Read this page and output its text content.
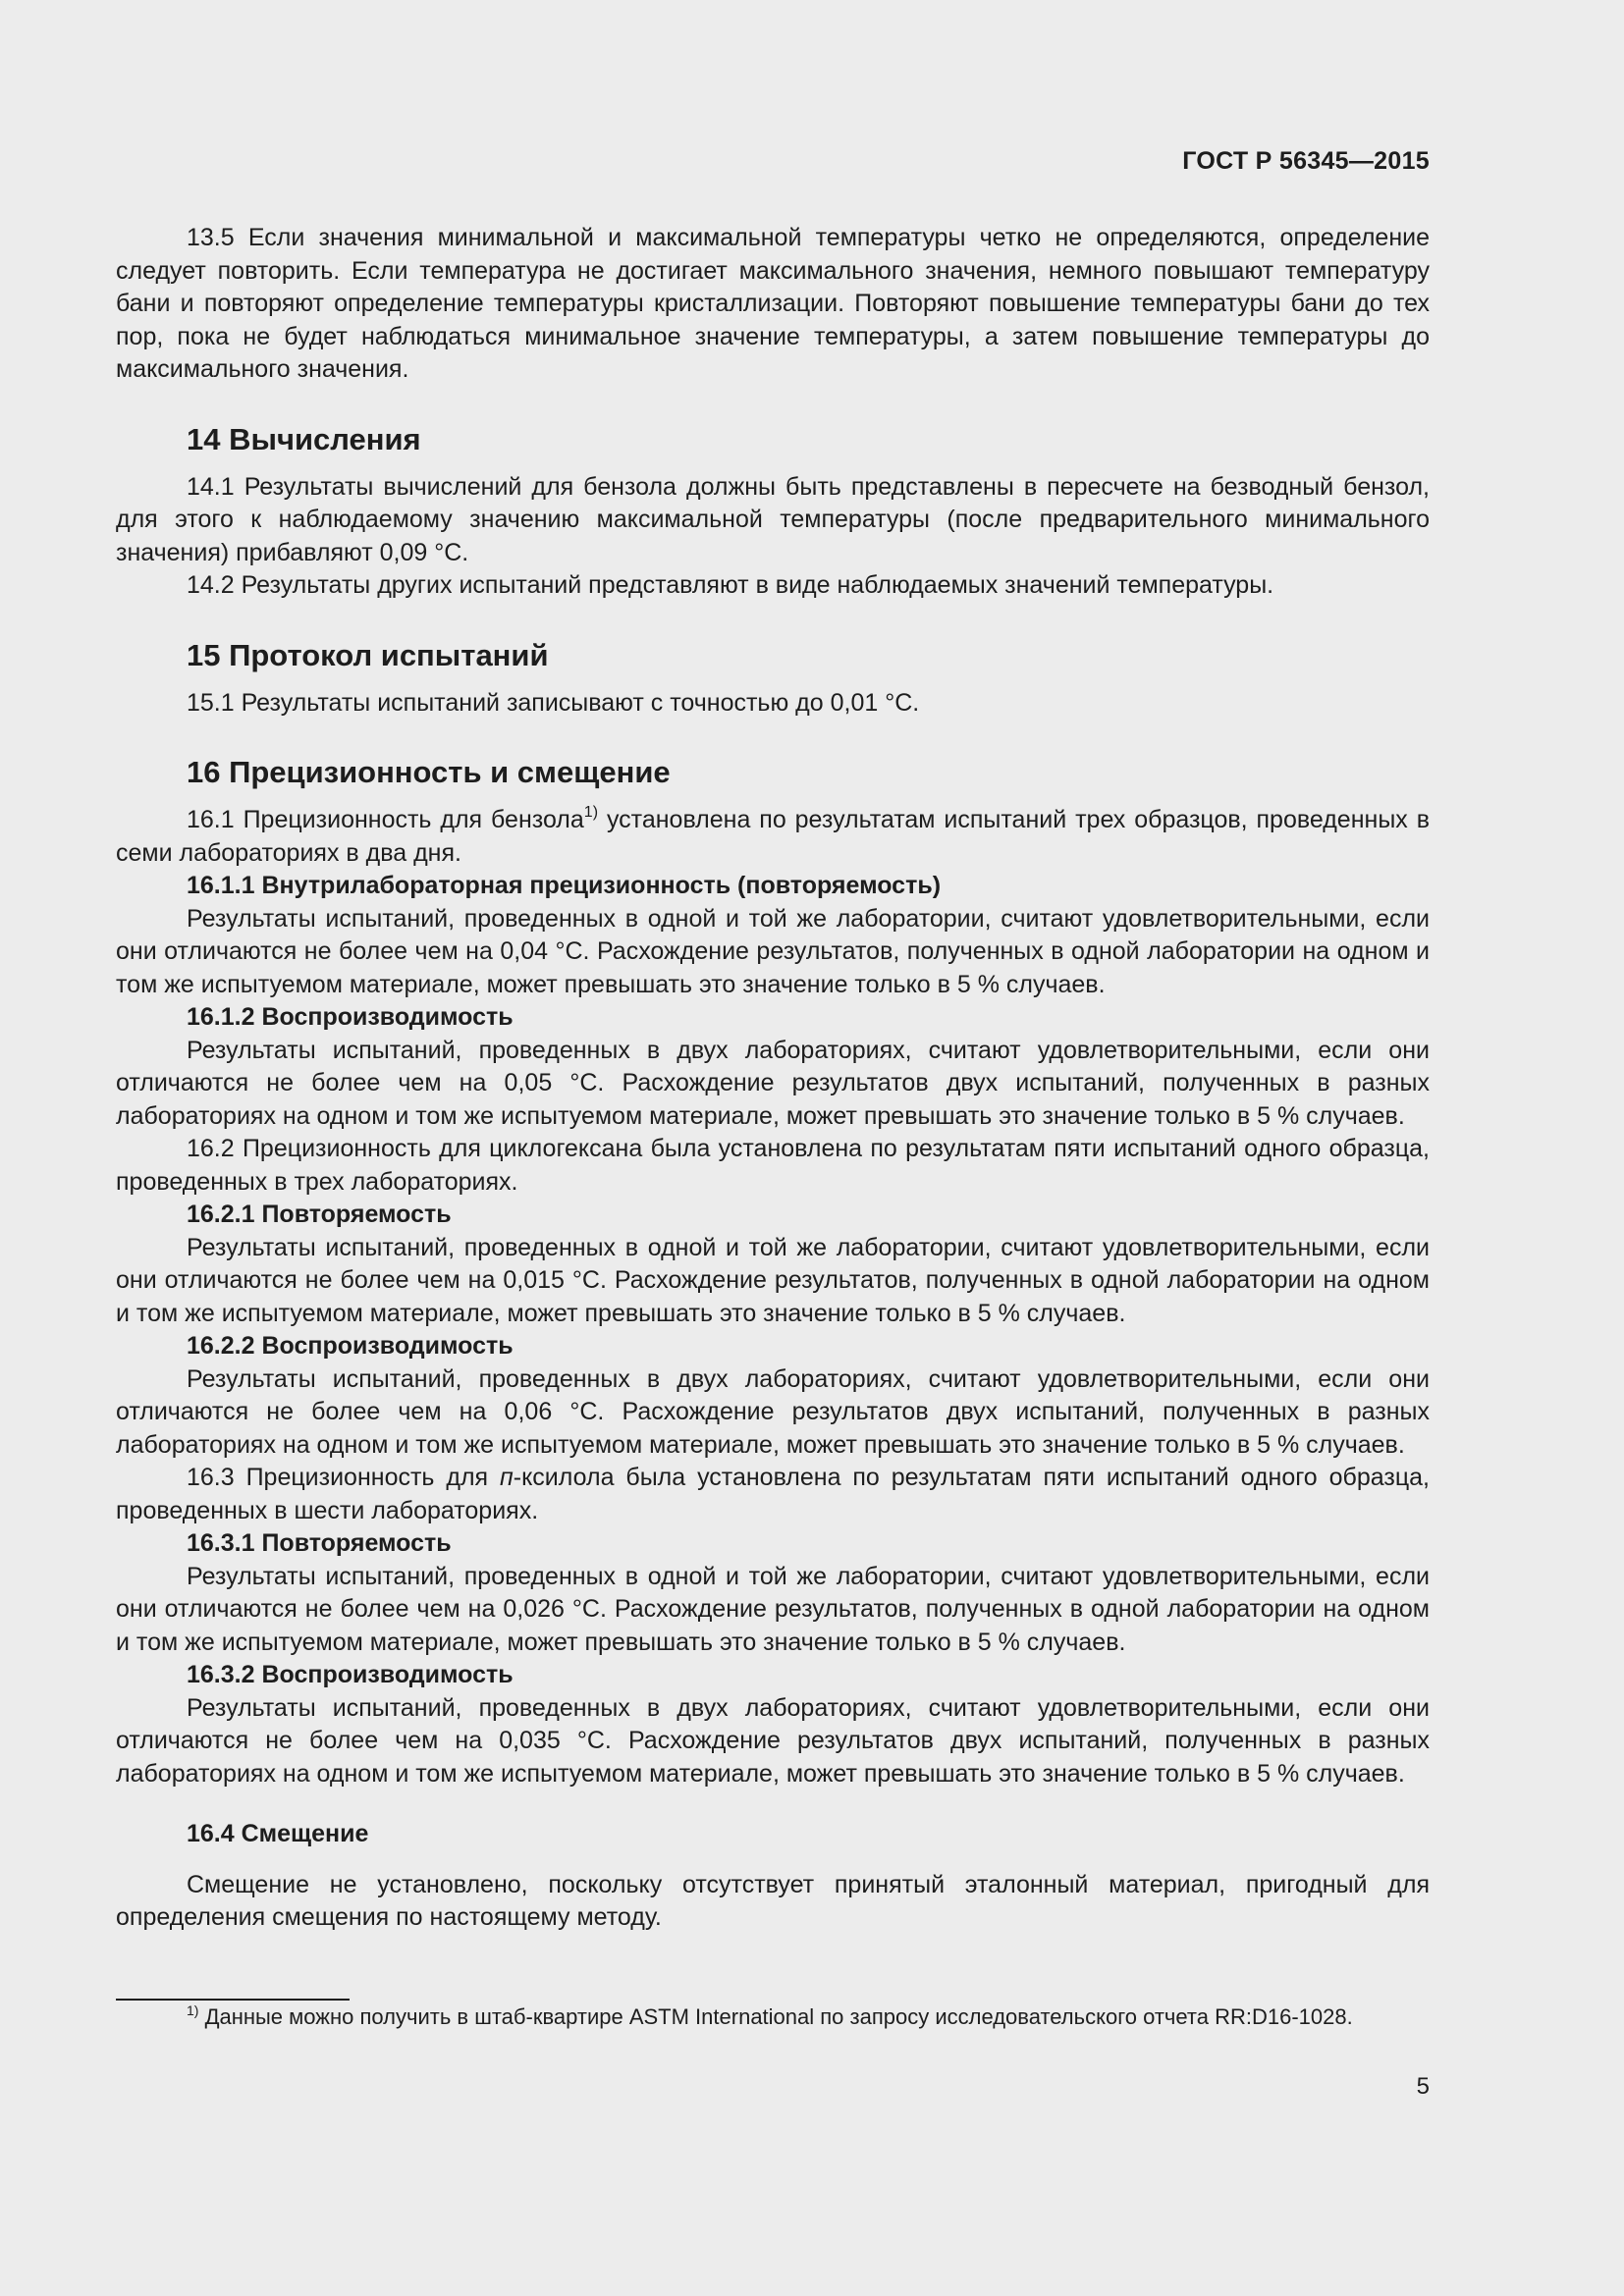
ГОСТ Р 56345—2015

13.5 Если значения минимальной и максимальной температуры четко не определяются, определение следует повторить. Если температура не достигает максимального значения, немного повышают температуру бани и повторяют определение температуры кристаллизации. Повторяют повышение температуры бани до тех пор, пока не будет наблюдаться минимальное значение температуры, а затем повышение температуры до максимального значения.

14 Вычисления

14.1 Результаты вычислений для бензола должны быть представлены в пересчете на безводный бензол, для этого к наблюдаемому значению максимальной температуры (после предварительного минимального значения) прибавляют 0,09 °С.

14.2 Результаты других испытаний представляют в виде наблюдаемых значений температуры.

15 Протокол испытаний

15.1 Результаты испытаний записывают с точностью до 0,01 °С.

16 Прецизионность и смещение

16.1 Прецизионность для бензола$^{1)}$ установлена по результатам испытаний трех образцов, проведенных в семи лабораториях в два дня.

16.1.1 Внутрилабораторная прецизионность (повторяемость)

Результаты испытаний, проведенных в одной и той же лаборатории, считают удовлетворительными, если они отличаются не более чем на 0,04 °С. Расхождение результатов, полученных в одной лаборатории на одном и том же испытуемом материале, может превышать это значение только в 5 % случаев.

16.1.2 Воспроизводимость

Результаты испытаний, проведенных в двух лабораториях, считают удовлетворительными, если они отличаются не более чем на 0,05 °С. Расхождение результатов двух испытаний, полученных в разных лабораториях на одном и том же испытуемом материале, может превышать это значение только в 5 % случаев.

16.2 Прецизионность для циклогексана была установлена по результатам пяти испытаний одного образца, проведенных в трех лабораториях.

16.2.1 Повторяемость

Результаты испытаний, проведенных в одной и той же лаборатории, считают удовлетворительными, если они отличаются не более чем на 0,015 °С. Расхождение результатов, полученных в одной лаборатории на одном и том же испытуемом материале, может превышать это значение только в 5 % случаев.

16.2.2 Воспроизводимость

Результаты испытаний, проведенных в двух лабораториях, считают удовлетворительными, если они отличаются не более чем на 0,06 °С. Расхождение результатов двух испытаний, полученных в разных лабораториях на одном и том же испытуемом материале, может превышать это значение только в 5 % случаев.

16.3 Прецизионность для п-ксилола была установлена по результатам пяти испытаний одного образца, проведенных в шести лабораториях.

16.3.1 Повторяемость

Результаты испытаний, проведенных в одной и той же лаборатории, считают удовлетворительными, если они отличаются не более чем на 0,026 °С. Расхождение результатов, полученных в одной лаборатории на одном и том же испытуемом материале, может превышать это значение только в 5 % случаев.

16.3.2 Воспроизводимость

Результаты испытаний, проведенных в двух лабораториях, считают удовлетворительными, если они отличаются не более чем на 0,035 °С. Расхождение результатов двух испытаний, полученных в разных лабораториях на одном и том же испытуемом материале, может превышать это значение только в 5 % случаев.

16.4 Смещение

Смещение не установлено, поскольку отсутствует принятый эталонный материал, пригодный для определения смещения по настоящему методу.

$^{1)}$ Данные можно получить в штаб-квартире ASTM International по запросу исследовательского отчета RR:D16-1028.
5
